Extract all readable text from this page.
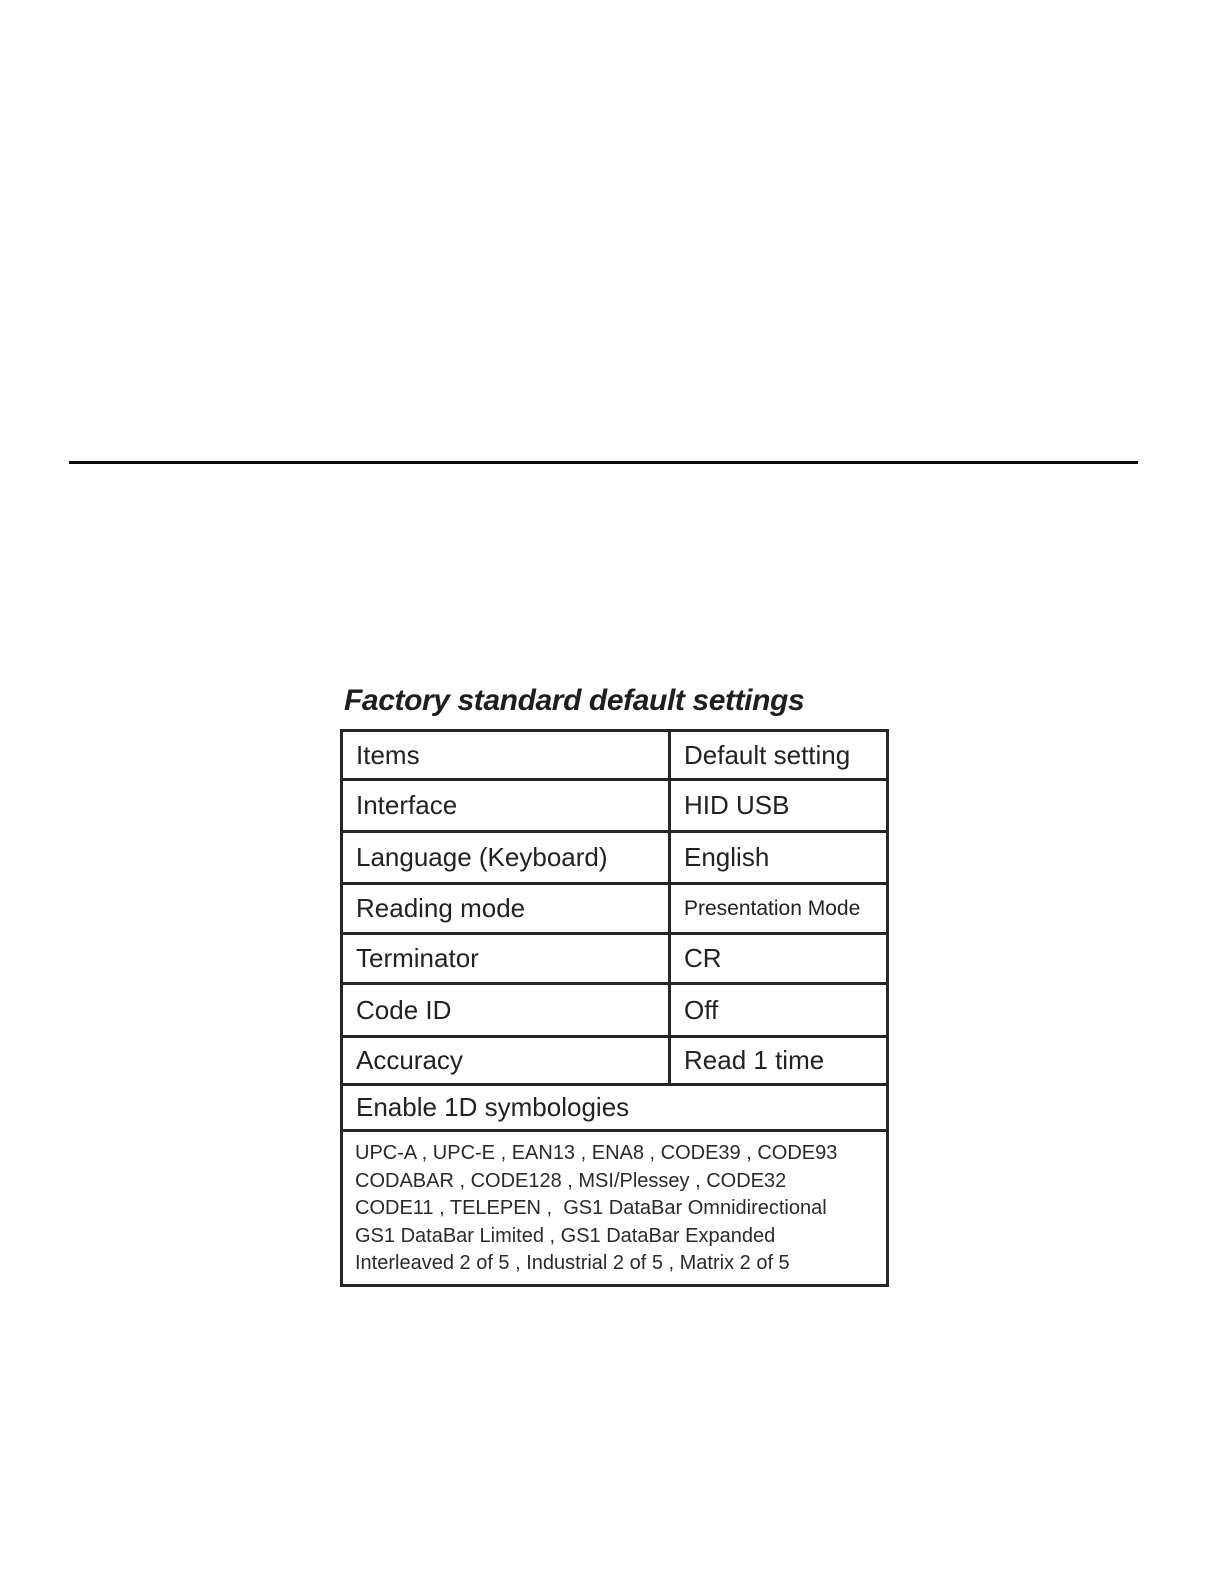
Factory standard default settings
Items	Default setting
Interface	HID USB
Language (Keyboard)	English
Reading mode	Presentation Mode
Terminator	CR
Code ID	Off
Accuracy	Read 1 time
Enable 1D symbologies	

UPC-A , UPC-E , EAN13 , ENA8 , CODE39 , CODE93
CODABAR , CODE128 , MSI/Plessey , CODE32
CODE11 , TELEPEN ,  GS1 DataBar Omnidirectional
GS1 DataBar Limited , GS1 DataBar Expanded
Interleaved 2 of 5 , Industrial 2 of 5 , Matrix 2 of 5	
